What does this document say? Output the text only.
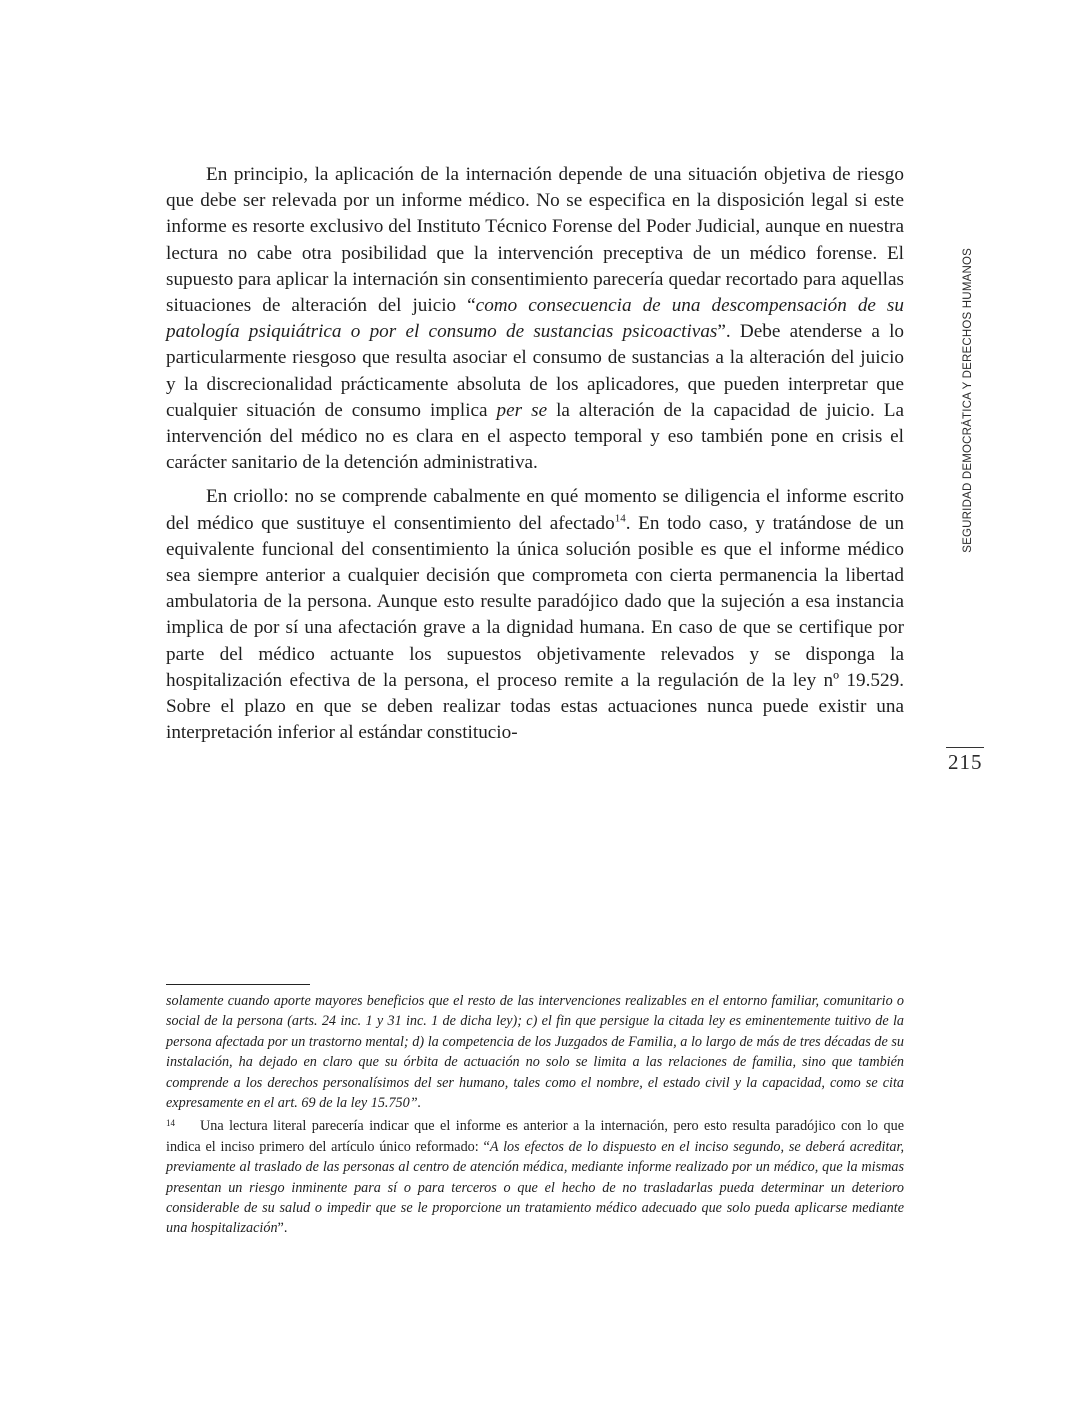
En principio, la aplicación de la internación depende de una situación objetiva de riesgo que debe ser relevada por un informe médico. No se especifica en la disposición legal si este informe es resorte exclusivo del Instituto Técnico Forense del Poder Judicial, aunque en nuestra lectura no cabe otra posibilidad que la intervención preceptiva de un médico forense. El supuesto para aplicar la internación sin consentimiento parecería quedar recortado para aquellas situaciones de alteración del juicio “como consecuencia de una descompensación de su patología psiquiátrica o por el consumo de sustancias psicoactivas”. Debe atenderse a lo particularmente riesgoso que resulta asociar el consumo de sustancias a la alteración del juicio y la discrecionalidad prácticamente absoluta de los aplicadores, que pueden interpretar que cualquier situación de consumo implica per se la alteración de la capacidad de juicio. La intervención del médico no es clara en el aspecto temporal y eso también pone en crisis el carácter sanitario de la detención administrativa.

En criollo: no se comprende cabalmente en qué momento se diligencia el informe escrito del médico que sustituye el consentimiento del afectado$^{14}$. En todo caso, y tratándose de un equivalente funcional del consentimiento la única solución posible es que el informe médico sea siempre anterior a cualquier decisión que comprometa con cierta permanencia la libertad ambulatoria de la persona. Aunque esto resulte paradójico dado que la sujeción a esa instancia implica de por sí una afectación grave a la dignidad humana. En caso de que se certifique por parte del médico actuante los supuestos objetivamente relevados y se disponga la hospitalización efectiva de la persona, el proceso remite a la regulación de la ley nº 19.529. Sobre el plazo en que se deben realizar todas estas actuaciones nunca puede existir una interpretación inferior al estándar constitucio-

SEGURIDAD DEMOCRÁTICA Y DERECHOS HUMANOS
215

solamente cuando aporte mayores beneficios que el resto de las intervenciones realizables en el entorno familiar, comunitario o social de la persona (arts. 24 inc. 1 y 31 inc. 1 de dicha ley); c) el fin que persigue la citada ley es eminentemente tuitivo de la persona afectada por un trastorno mental; d) la competencia de los Juzgados de Familia, a lo largo de más de tres décadas de su instalación, ha dejado en claro que su órbita de actuación no solo se limita a las relaciones de familia, sino que también comprende a los derechos personalísimos del ser humano, tales como el nombre, el estado civil y la capacidad, como se cita expresamente en el art. 69 de la ley 15.750”.

14 Una lectura literal parecería indicar que el informe es anterior a la internación, pero esto resulta paradójico con lo que indica el inciso primero del artículo único reformado: “A los efectos de lo dispuesto en el inciso segundo, se deberá acreditar, previamente al traslado de las personas al centro de atención médica, mediante informe realizado por un médico, que la mismas presentan un riesgo inminente para sí o para terceros o que el hecho de no trasladarlas pueda determinar un deterioro considerable de su salud o impedir que se le proporcione un tratamiento médico adecuado que solo pueda aplicarse mediante una hospitalización”.
